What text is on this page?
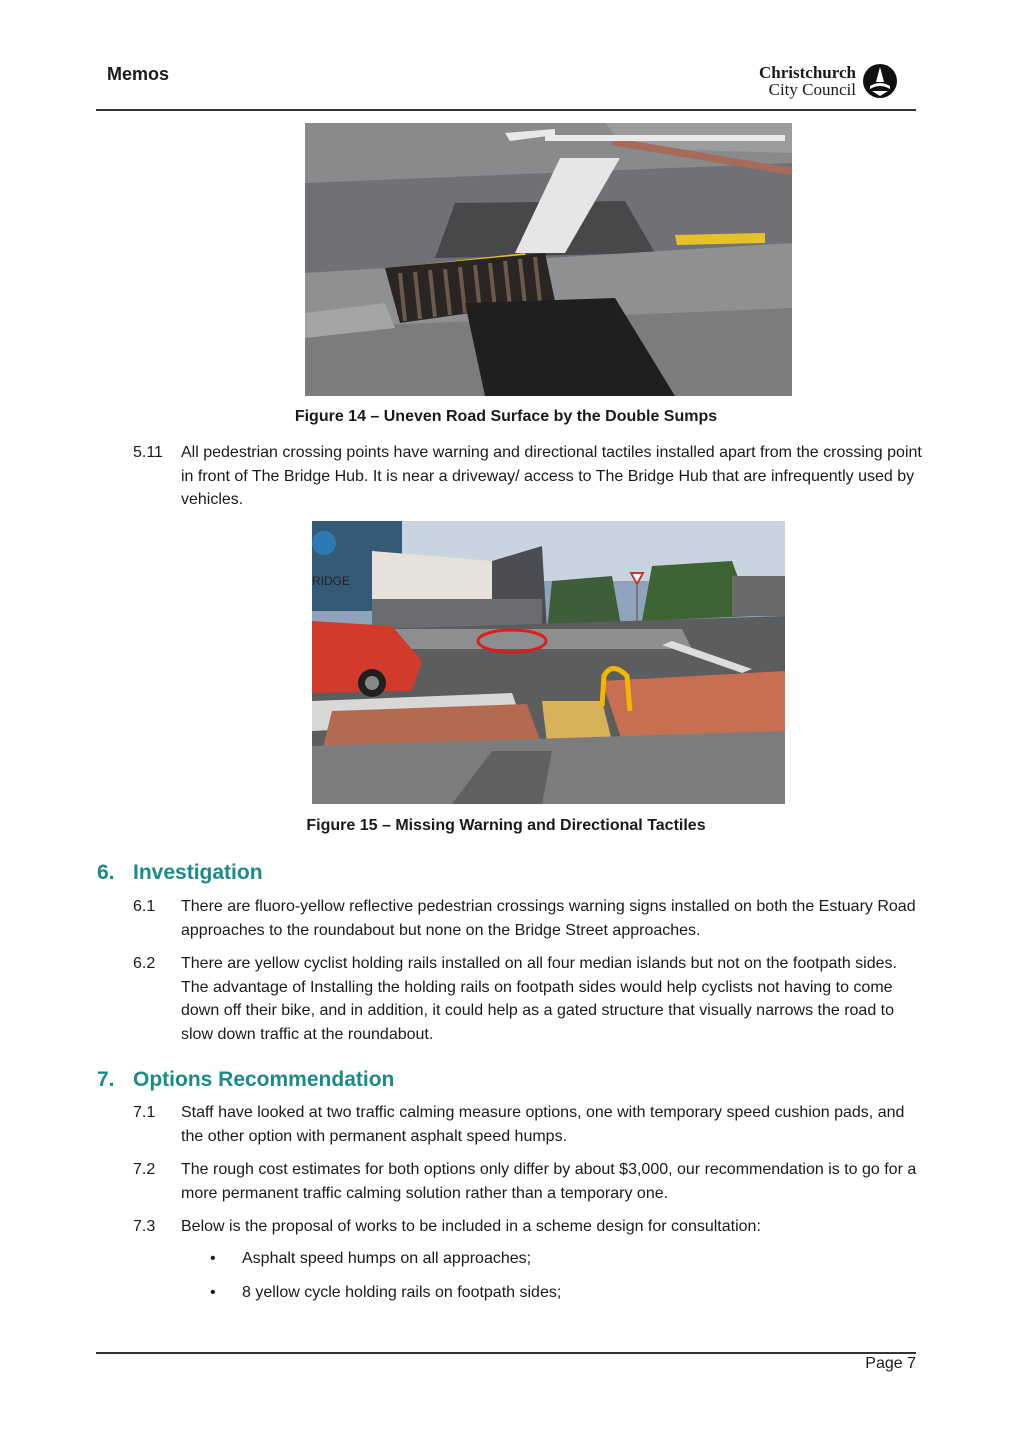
Memos	Christchurch
City Council
Figure 14 – Uneven Road Surface by the Double Sumps
5.11 All pedestrian crossing points have warning and directional tactiles installed apart from the crossing point in front of The Bridge Hub. It is near a driveway/ access to The Bridge Hub that are infrequently used by vehicles.
RIDGE
Figure 15 – Missing Warning and Directional Tactiles
6. Investigation
6.1 There are fluoro-yellow reflective pedestrian crossings warning signs installed on both the Estuary Road approaches to the roundabout but none on the Bridge Street approaches.
6.2 There are yellow cyclist holding rails installed on all four median islands but not on the footpath sides. The advantage of Installing the holding rails on footpath sides would help cyclists not having to come down off their bike, and in addition, it could help as a gated structure that visually narrows the road to slow down traffic at the roundabout.
7. Options Recommendation
7.1 Staff have looked at two traffic calming measure options, one with temporary speed cushion pads, and the other option with permanent asphalt speed humps.
7.2 The rough cost estimates for both options only differ by about $3,000, our recommendation is to go for a more permanent traffic calming solution rather than a temporary one.
7.3 Below is the proposal of works to be included in a scheme design for consultation:
• Asphalt speed humps on all approaches;
• 8 yellow cycle holding rails on footpath sides;
Page 7
